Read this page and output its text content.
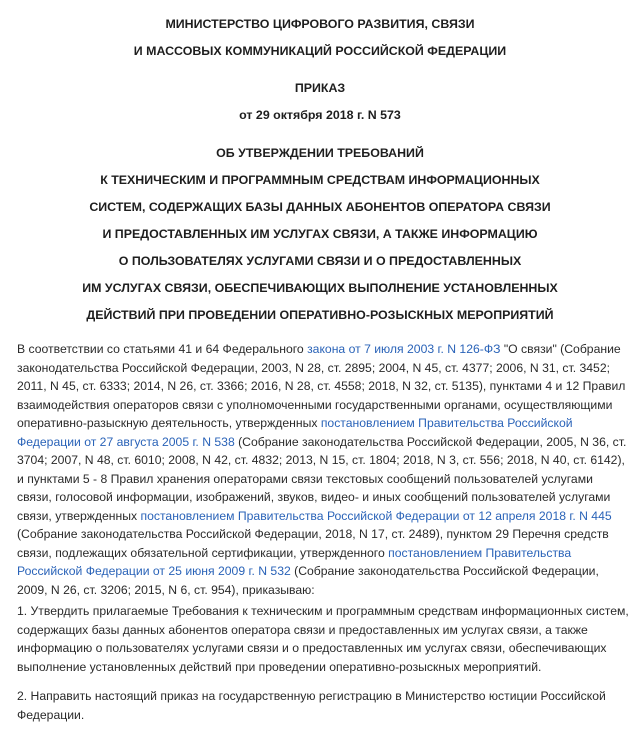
МИНИСТЕРСТВО ЦИФРОВОГО РАЗВИТИЯ, СВЯЗИ
И МАССОВЫХ КОММУНИКАЦИЙ РОССИЙСКОЙ ФЕДЕРАЦИИ
ПРИКАЗ
от 29 октября 2018 г. N 573
ОБ УТВЕРЖДЕНИИ ТРЕБОВАНИЙ
К ТЕХНИЧЕСКИМ И ПРОГРАММНЫМ СРЕДСТВАМ ИНФОРМАЦИОННЫХ
СИСТЕМ, СОДЕРЖАЩИХ БАЗЫ ДАННЫХ АБОНЕНТОВ ОПЕРАТОРА СВЯЗИ
И ПРЕДОСТАВЛЕННЫХ ИМ УСЛУГАХ СВЯЗИ, А ТАКЖЕ ИНФОРМАЦИЮ
О ПОЛЬЗОВАТЕЛЯХ УСЛУГАМИ СВЯЗИ И О ПРЕДОСТАВЛЕННЫХ
ИМ УСЛУГАХ СВЯЗИ, ОБЕСПЕЧИВАЮЩИХ ВЫПОЛНЕНИЕ УСТАНОВЛЕННЫХ
ДЕЙСТВИЙ ПРИ ПРОВЕДЕНИИ ОПЕРАТИВНО-РОЗЫСКНЫХ МЕРОПРИЯТИЙ
В соответствии со статьями 41 и 64 Федерального закона от 7 июля 2003 г. N 126-ФЗ "О связи" (Собрание
законодательства Российской Федерации, 2003, N 28, ст. 2895; 2004, N 45, ст. 4377; 2006, N 31, ст. 3452;
2011, N 45, ст. 6333; 2014, N 26, ст. 3366; 2016, N 28, ст. 4558; 2018, N 32, ст. 5135), пунктами 4 и 12 Правил
взаимодействия операторов связи с уполномоченными государственными органами, осуществляющими
оперативно-разыскную деятельность, утвержденных постановлением Правительства Российской
Федерации от 27 августа 2005 г. N 538 (Собрание законодательства Российской Федерации, 2005, N 36, ст.
3704; 2007, N 48, ст. 6010; 2008, N 42, ст. 4832; 2013, N 15, ст. 1804; 2018, N 3, ст. 556; 2018, N 40, ст. 6142),
и пунктами 5 - 8 Правил хранения операторами связи текстовых сообщений пользователей услугами
связи, голосовой информации, изображений, звуков, видео- и иных сообщений пользователей услугами
связи, утвержденных постановлением Правительства Российской Федерации от 12 апреля 2018 г. N 445
(Собрание законодательства Российской Федерации, 2018, N 17, ст. 2489), пунктом 29 Перечня средств
связи, подлежащих обязательной сертификации, утвержденного постановлением Правительства
Российской Федерации от 25 июня 2009 г. N 532 (Собрание законодательства Российской Федерации,
2009, N 26, ст. 3206; 2015, N 6, ст. 954), приказываю:
1. Утвердить прилагаемые Требования к техническим и программным средствам информационных систем,
содержащих базы данных абонентов оператора связи и предоставленных им услугах связи, а также
информацию о пользователях услугами связи и о предоставленных им услугах связи, обеспечивающих
выполнение установленных действий при проведении оперативно-розыскных мероприятий.
2. Направить настоящий приказ на государственную регистрацию в Министерство юстиции Российской
Федерации.
